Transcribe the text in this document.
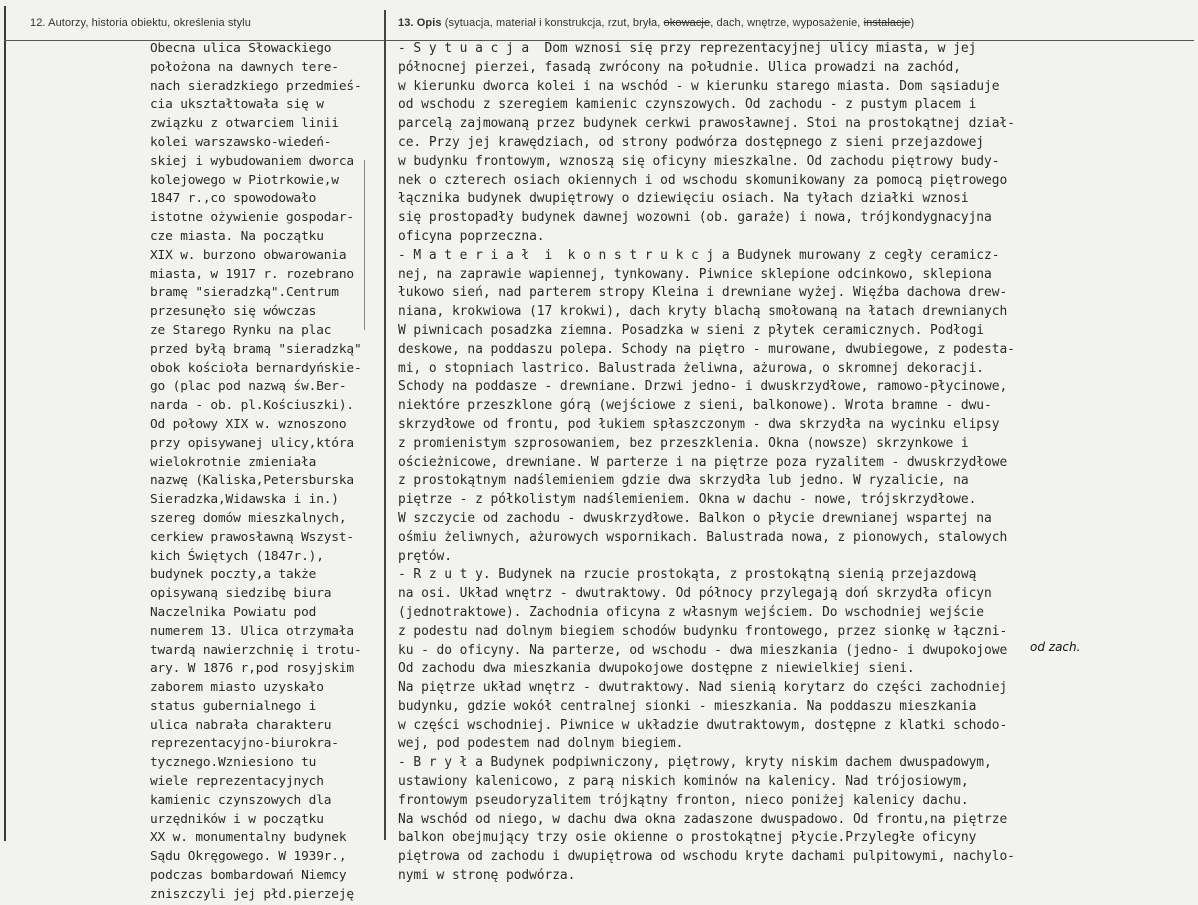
12. Autorzy, historia obiektu, określenia stylu	13. Opis (sytuacja, materiał i konstrukcja, rzut, bryła, okowacje, dach, wnętrze, wyposażenie, instalacje)
Obecna ulica Słowackiego
położona na dawnych tere-
nach sieradzkiego przedmieś-
cia ukształtowała się w
związku z otwarciem linii
kolei warszawsko-wiedeń-
skiej i wybudowaniem dworca
kolejowego w Piotrkowie,w
1847 r.,co spowodowało
istotne ożywienie gospodar-
cze miasta. Na początku
XIX w. burzono obwarowania
miasta, w 1917 r. rozebrano
bramę "sieradzką".Centrum
przesunęło się wówczas
ze Starego Rynku na plac
przed byłą bramą "sieradzką"
obok kościoła bernardyńskie-
go (plac pod nazwą św.Ber-
narda - ob. pl.Kościuszki).
Od połowy XIX w. wznoszono
przy opisywanej ulicy,która
wielokrotnie zmieniała
nazwę (Kaliska,Petersburska
Sieradzka,Widawska i in.)
szereg domów mieszkalnych,
cerkiew prawosławną Wszyst-
kich Świętych (1847r.),
budynek poczty,a także
opisywaną siedzibę biura
Naczelnika Powiatu pod
numerem 13. Ulica otrzymała
twardą nawierzchnię i trotu-
ary. W 1876 r,pod rosyjskim
zaborem miasto uzyskało
status gubernialnego i
ulica nabrała charakteru
reprezentacyjno-biurokra-
tycznego.Wzniesiono tu
wiele reprezentacyjnych
kamienic czynszowych dla
urzędników i w początku
XX w. monumentalny budynek
Sądu Okręgowego. W 1939r.,
podczas bombardowań Niemcy
zniszczyli jej płd.pierzeję
- S y t u a c j a  Dom wznosi się przy reprezentacyjnej ulicy miasta, w jej
północnej pierzei, fasadą zwrócony na południe. Ulica prowadzi na zachód,
w kierunku dworca kolei i na wschód - w kierunku starego miasta. Dom sąsiaduje
od wschodu z szeregiem kamienic czynszowych. Od zachodu - z pustym placem i
parcelą zajmowaną przez budynek cerkwi prawosławnej. Stoi na prostokątnej dział-
ce. Przy jej krawędziach, od strony podwórza dostępnego z sieni przejazdowej
w budynku frontowym, wznoszą się oficyny mieszkalne. Od zachodu piętrowy budy-
nek o czterech osiach okiennych i od wschodu skomunikowany za pomocą piętrowego
łącznika budynek dwupiętrowy o dziewięciu osiach. Na tyłach działki wznosi
się prostopadły budynek dawnej wozowni (ob. garaże) i nowa, trójkondygnacyjna
oficyna poprzeczna.
- M a t e r i a ł  i  k o n s t r u k c j a Budynek murowany z cegły ceramicz-
nej, na zaprawie wapiennej, tynkowany. Piwnice sklepione odcinkowo, sklepiona
łukowo sień, nad parterem stropy Kleina i drewniane wyżej. Więźba dachowa drew-
niana, krokwiowa (17 krokwi), dach kryty blachą smołowaną na łatach drewnianych
W piwnicach posadzka ziemna. Posadzka w sieni z płytek ceramicznych. Podłogi
deskowe, na poddaszu polepa. Schody na piętro - murowane, dwubiegowe, z podesta-
mi, o stopniach lastrico. Balustrada żeliwna, ażurowa, o skromnej dekoracji.
Schody na poddasze - drewniane. Drzwi jedno- i dwuskrzydłowe, ramowo-płycinowe,
niektóre przeszklone górą (wejściowe z sieni, balkonowe). Wrota bramne - dwu-
skrzydłowe od frontu, pod łukiem spłaszczonym - dwa skrzydła na wycinku elipsy
z promienistym szprosowaniem, bez przeszklenia. Okna (nowsze) skrzynkowe i
ościeżnicowe, drewniane. W parterze i na piętrze poza ryzalitem - dwuskrzydłowe
z prostokątnym nadślemieniem gdzie dwa skrzydła lub jedno. W ryzalicie, na
piętrze - z półkolistym nadślemieniem. Okna w dachu - nowe, trójskrzydłowe.
W szczycie od zachodu - dwuskrzydłowe. Balkon o płycie drewnianej wspartej na
ośmiu żeliwnych, ażurowych wspornikach. Balustrada nowa, z pionowych, stalowych
prętów.
- R z u t y. Budynek na rzucie prostokąta, z prostokątną sienią przejazdową
na osi. Układ wnętrz - dwutraktowy. Od północy przylegają doń skrzydła oficyn
(jednotraktowe). Zachodnia oficyna z własnym wejściem. Do wschodniej wejście
z podestu nad dolnym biegiem schodów budynku frontowego, przez sionkę w łączni-
ku - do oficyny. Na parterze, od wschodu - dwa mieszkania (jedno- i dwupokojowe
Od zachodu dwa mieszkania dwupokojowe dostępne z niewielkiej sieni.
Na piętrze układ wnętrz - dwutraktowy. Nad sienią korytarz do części zachodniej
budynku, gdzie wokół centralnej sionki - mieszkania. Na poddaszu mieszkania
w części wschodniej. Piwnice w układzie dwutraktowym, dostępne z klatki schodo-
wej, pod podestem nad dolnym biegiem.
- B r y ł a Budynek podpiwniczony, piętrowy, kryty niskim dachem dwuspadowym,
ustawiony kalenicowo, z parą niskich kominów na kalenicy. Nad trójosiowym,
frontowym pseudoryzalitem trójkątny fronton, nieco poniżej kalenicy dachu.
Na wschód od niego, w dachu dwa okna zadaszone dwuspadowo. Od frontu,na piętrze
balkon obejmujący trzy osie okienne o prostokątnej płycie.Przyległe oficyny
piętrowa od zachodu i dwupiętrowa od wschodu kryte dachami pulpitowymi, nachylo-
nymi w stronę podwórza.
od zach.
